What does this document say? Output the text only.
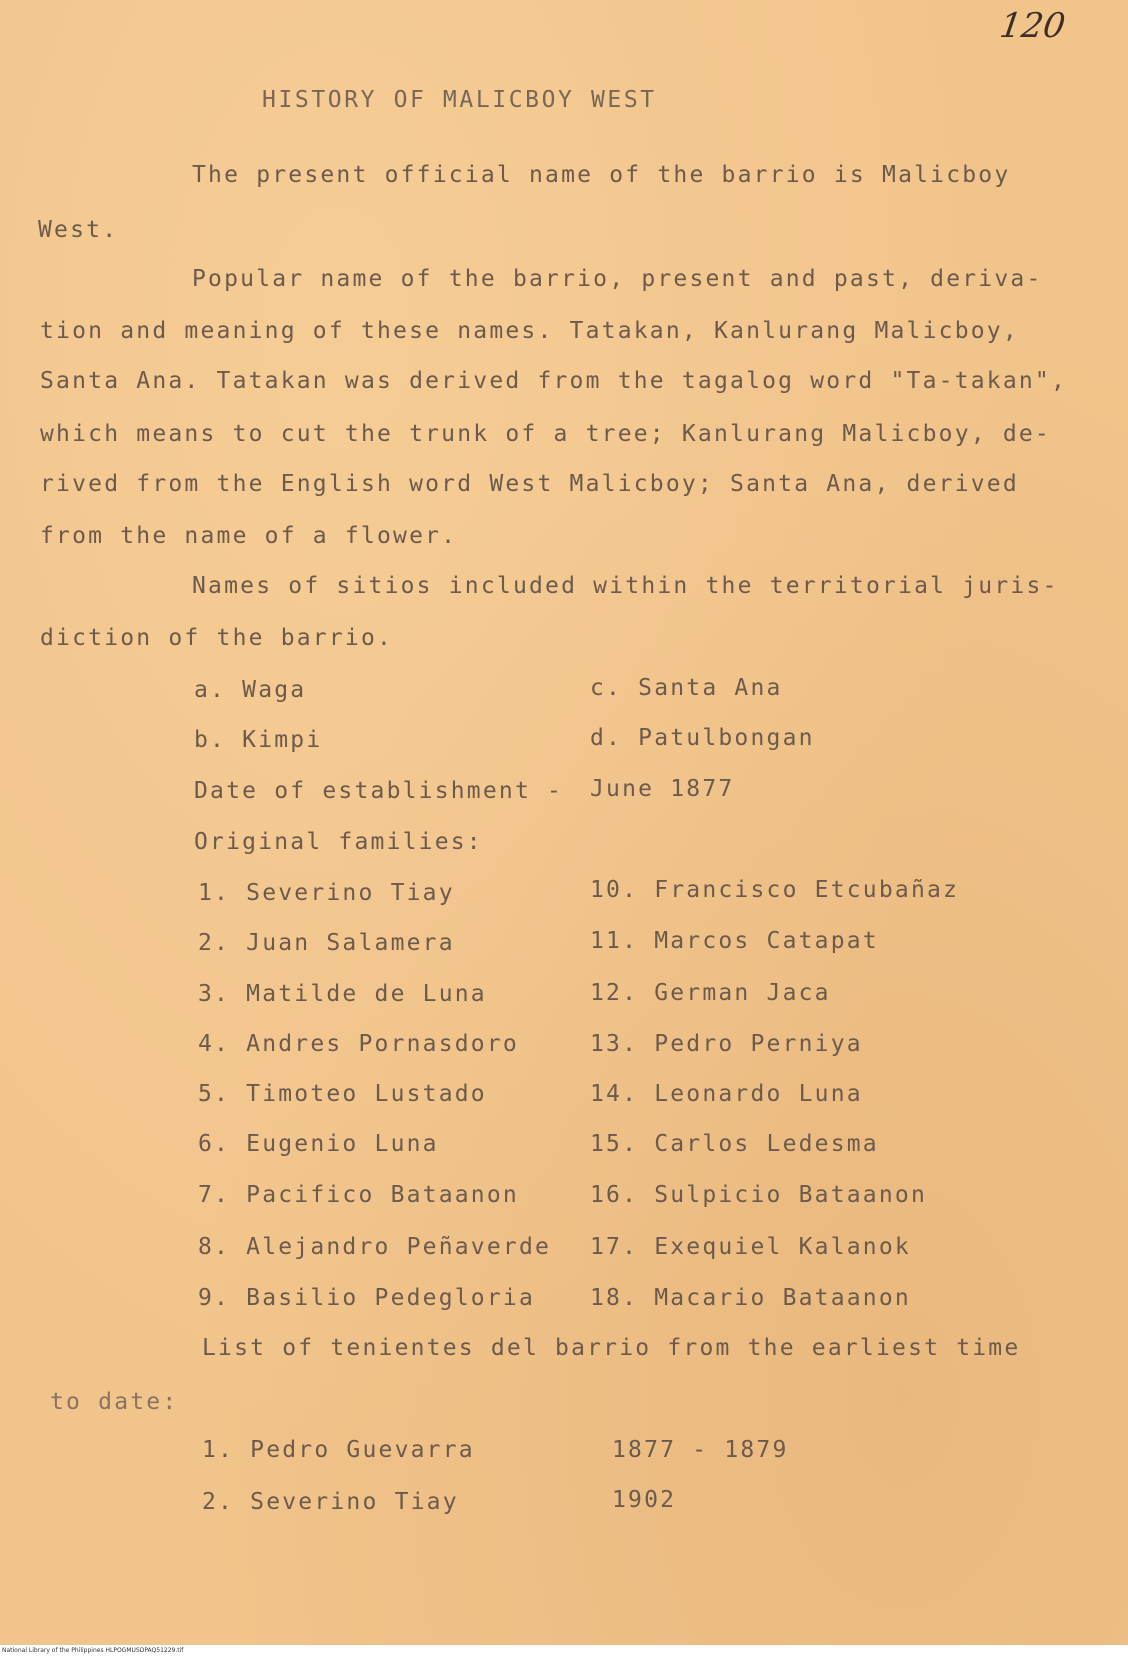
120
HISTORY OF MALICBOY WEST
The present official name of the barrio is Malicboy
West.
Popular name of the barrio, present and past, deriva-
tion and meaning of these names. Tatakan, Kanlurang Malicboy,
Santa Ana. Tatakan was derived from the tagalog word "Ta-takan",
which means to cut the trunk of a tree; Kanlurang Malicboy, de-
rived from the English word West Malicboy; Santa Ana, derived
from the name of a flower.
Names of sitios included within the territorial juris-
diction of the barrio.
a. Waga
b. Kimpi
c. Santa Ana
d. Patulbongan
Date of establishment - June 1877
Original families:
1. Severino Tiay
2. Juan Salamera
3. Matilde de Luna
4. Andres Pornasdoro
5. Timoteo Lustado
6. Eugenio Luna
7. Pacifico Bataanon
8. Alejandro Peñaverde
9. Basilio Pedegloria
10. Francisco Etcubañaz
11. Marcos Catapat
12. German Jaca
13. Pedro Perniya
14. Leonardo Luna
15. Carlos Ledesma
16. Sulpicio Bataanon
17. Exequiel Kalanok
18. Macario Bataanon
List of tenientes del barrio from the earliest time
to date:
1. Pedro Guevarra	1877 - 1879
2. Severino Tiay	1902
National Library of the Philippines HLPOGMUSDPAQ51229.tif
